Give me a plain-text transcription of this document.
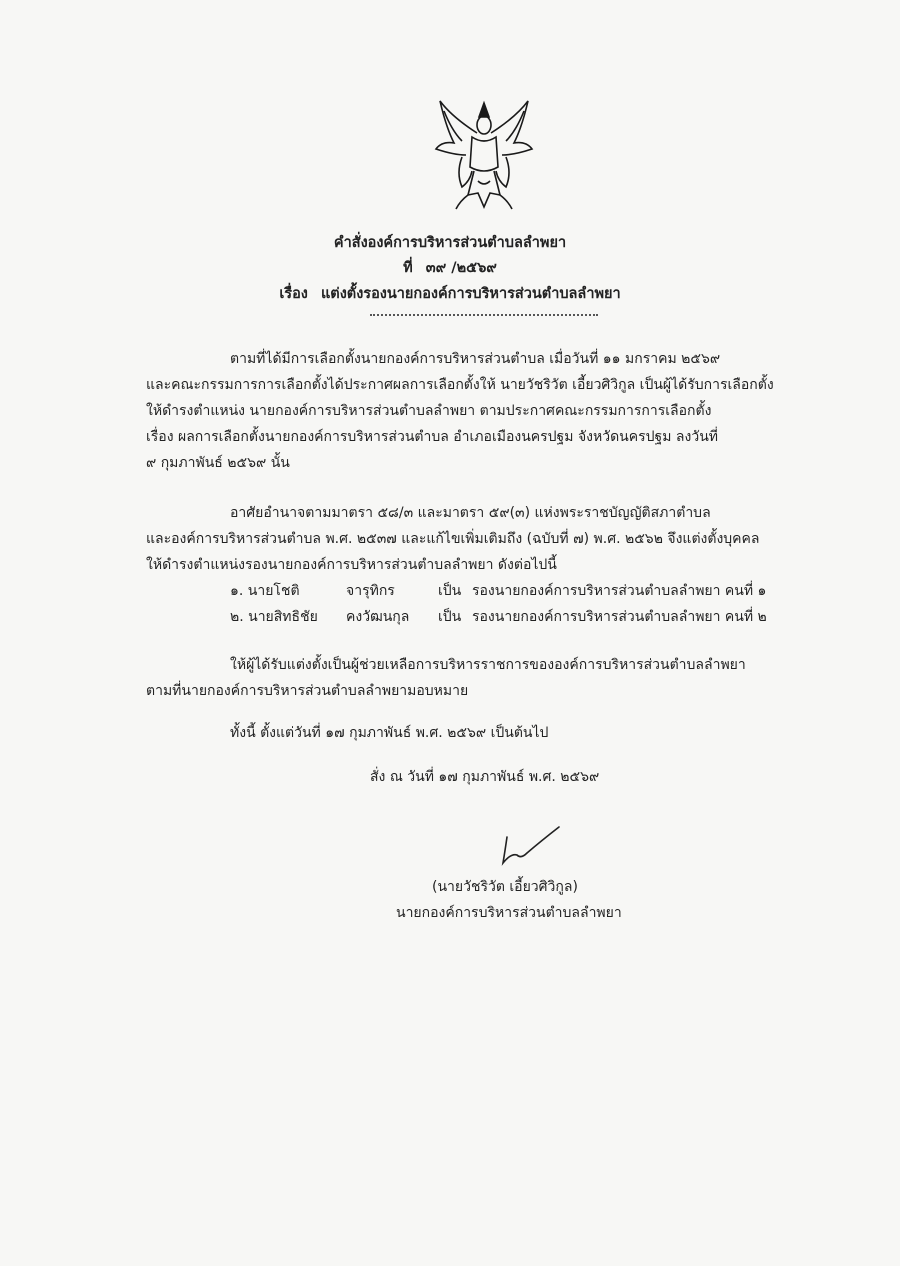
คำสั่งองค์การบริหารส่วนตำบลลำพยา
ที่ ๓๙ /๒๕๖๙
เรื่อง แต่งตั้งรองนายกองค์การบริหารส่วนตำบลลำพยา
ตามที่ได้มีการเลือกตั้งนายกองค์การบริหารส่วนตำบล เมื่อวันที่ ๑๑ มกราคม ๒๕๖๙
และคณะกรรมการการเลือกตั้งได้ประกาศผลการเลือกตั้งให้ นายวัชริวัต เอี้ยวศิวิกูล เป็นผู้ได้รับการเลือกตั้ง
ให้ดำรงตำแหน่ง นายกองค์การบริหารส่วนตำบลลำพยา ตามประกาศคณะกรรมการการเลือกตั้ง
เรื่อง ผลการเลือกตั้งนายกองค์การบริหารส่วนตำบล อำเภอเมืองนครปฐม จังหวัดนครปฐม ลงวันที่
๙ กุมภาพันธ์ ๒๕๖๙ นั้น
อาศัยอำนาจตามมาตรา ๕๘/๓ และมาตรา ๕๙(๓) แห่งพระราชบัญญัติสภาตำบล
และองค์การบริหารส่วนตำบล พ.ศ. ๒๕๓๗ และแก้ไขเพิ่มเติมถึง (ฉบับที่ ๗) พ.ศ. ๒๕๖๒ จึงแต่งตั้งบุคคล
ให้ดำรงตำแหน่งรองนายกองค์การบริหารส่วนตำบลลำพยา ดังต่อไปนี้
๑. นายโชติ	จารุทิกร	เป็น รองนายกองค์การบริหารส่วนตำบลลำพยา คนที่ ๑
๒. นายสิทธิชัย คงวัฒนกุล เป็น รองนายกองค์การบริหารส่วนตำบลลำพยา คนที่ ๒
ให้ผู้ได้รับแต่งตั้งเป็นผู้ช่วยเหลือการบริหารราชการขององค์การบริหารส่วนตำบลลำพยา
ตามที่นายกองค์การบริหารส่วนตำบลลำพยามอบหมาย
ทั้งนี้ ตั้งแต่วันที่ ๑๗ กุมภาพันธ์ พ.ศ. ๒๕๖๙ เป็นต้นไป
สั่ง ณ วันที่ ๑๗ กุมภาพันธ์ พ.ศ. ๒๕๖๙
(นายวัชริวัต เอี้ยวศิวิกูล)
นายกองค์การบริหารส่วนตำบลลำพยา
